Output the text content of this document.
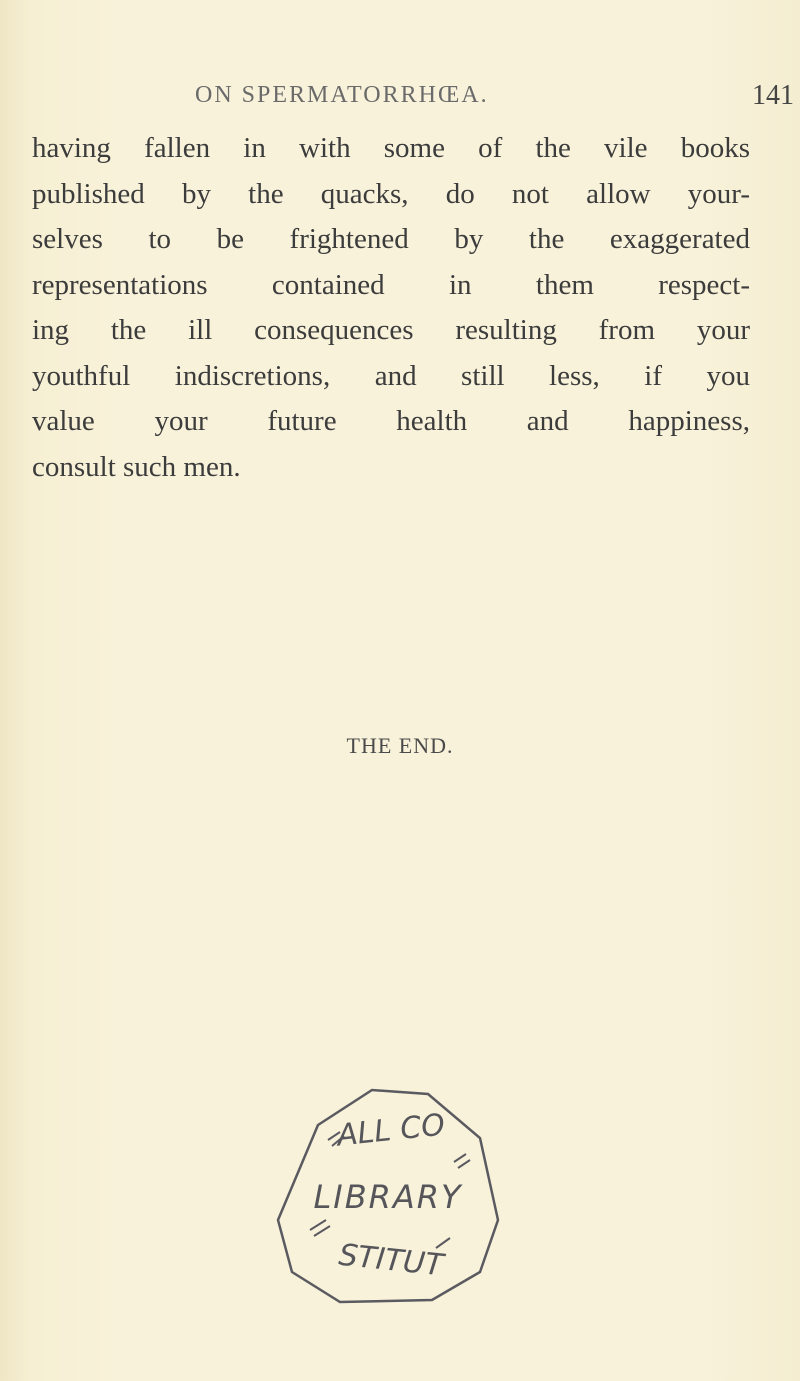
ON SPERMATORRHŒA.	141
having fallen in with some of the vile books
published by the quacks, do not allow your-
selves to be frightened by the exaggerated
representations contained in them respect-
ing the ill consequences resulting from your
youthful indiscretions, and still less, if you
value your future health and happiness,
consult such men.
THE END.
ALL CO
LIBRARY
STITUT
